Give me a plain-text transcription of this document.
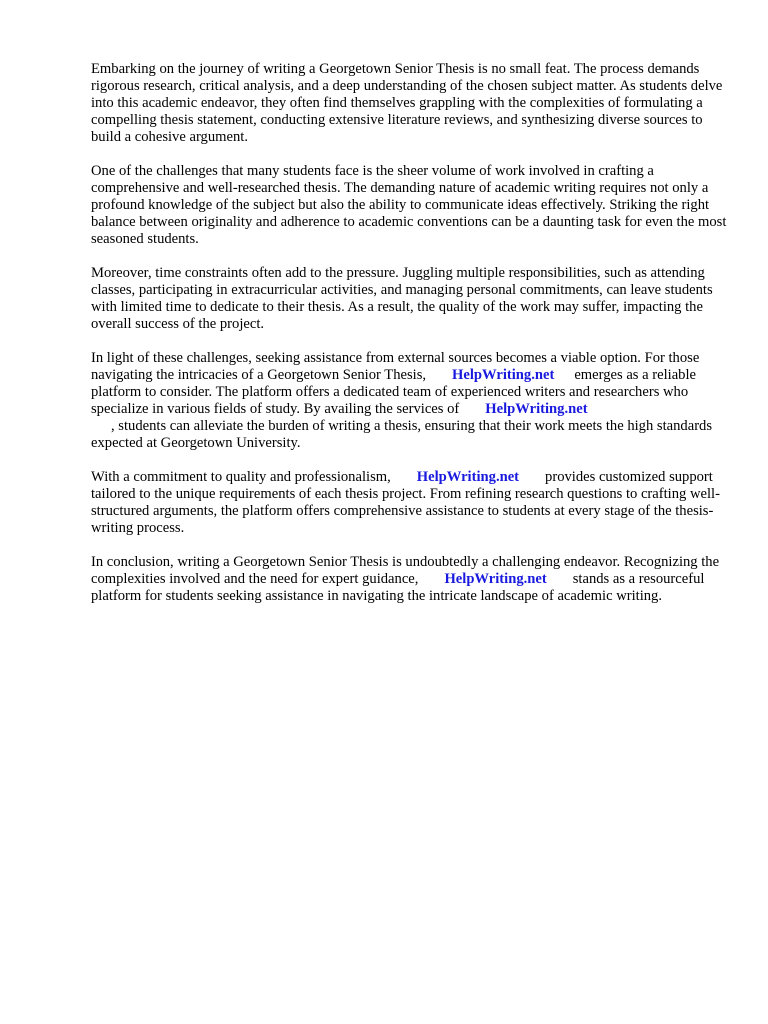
Embarking on the journey of writing a Georgetown Senior Thesis is no small feat. The process demands rigorous research, critical analysis, and a deep understanding of the chosen subject matter. As students delve into this academic endeavor, they often find themselves grappling with the complexities of formulating a compelling thesis statement, conducting extensive literature reviews, and synthesizing diverse sources to build a cohesive argument.

One of the challenges that many students face is the sheer volume of work involved in crafting a comprehensive and well-researched thesis. The demanding nature of academic writing requires not only a profound knowledge of the subject but also the ability to communicate ideas effectively. Striking the right balance between originality and adherence to academic conventions can be a daunting task for even the most seasoned students.

Moreover, time constraints often add to the pressure. Juggling multiple responsibilities, such as attending classes, participating in extracurricular activities, and managing personal commitments, can leave students with limited time to dedicate to their thesis. As a result, the quality of the work may suffer, impacting the overall success of the project.

In light of these challenges, seeking assistance from external sources becomes a viable option. For those navigating the intricacies of a Georgetown Senior Thesis, HelpWriting.net emerges as a reliable platform to consider. The platform offers a dedicated team of experienced writers and researchers who specialize in various fields of study. By availing the services of HelpWriting.net
, students can alleviate the burden of writing a thesis, ensuring that their work meets the high standards expected at Georgetown University.

With a commitment to quality and professionalism, HelpWriting.net provides customized support tailored to the unique requirements of each thesis project. From refining research questions to crafting well-structured arguments, the platform offers comprehensive assistance to students at every stage of the thesis-writing process.

In conclusion, writing a Georgetown Senior Thesis is undoubtedly a challenging endeavor. Recognizing the complexities involved and the need for expert guidance, HelpWriting.net stands as a resourceful platform for students seeking assistance in navigating the intricate landscape of academic writing.
